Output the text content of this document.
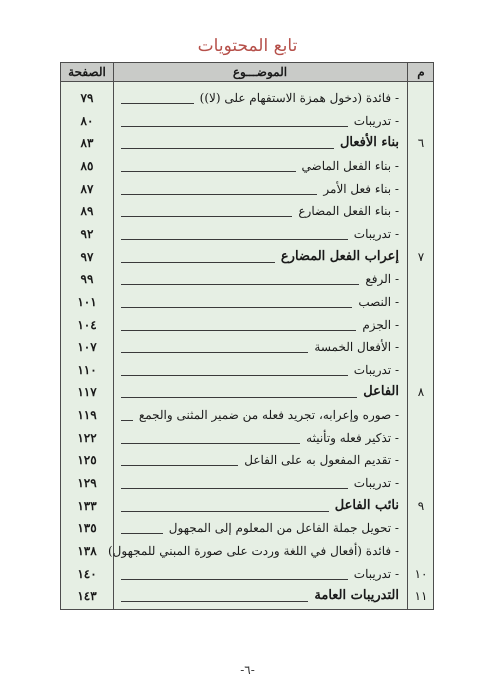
تابع المحتويات
الصفحة	الموضـــوع	م
٧٩	- فائدة (دخول همزة الاستفهام على (لا))
٨٠	- تدريبات
٨٣	بناء الأفعال	٦
٨٥	- بناء الفعل الماضي
٨٧	- بناء فعل الأمر
٨٩	- بناء الفعل المضارع
٩٢	- تدريبات
٩٧	إعراب الفعل المضارع	٧
٩٩	- الرفع
١٠١	- النصب
١٠٤	- الجزم
١٠٧	- الأفعال الخمسة
١١٠	- تدريبات
١١٧	الفاعل	٨
١١٩	- صوره وإعرابه، تجريد فعله من ضمير المثنى والجمع
١٢٢	- تذكير فعله وتأنيثه
١٢٥	- تقديم المفعول به على الفاعل
١٢٩	- تدريبات
١٣٣	نائب الفاعل	٩
١٣٥	- تحويل جملة الفاعل من المعلوم إلى المجهول
١٣٨ - فائدة (أفعال في اللغة وردت على صورة المبني للمجهول)
١٤٠	- تدريبات	١٠
١٤٣	التدريبات العامة	١١
-٦-
